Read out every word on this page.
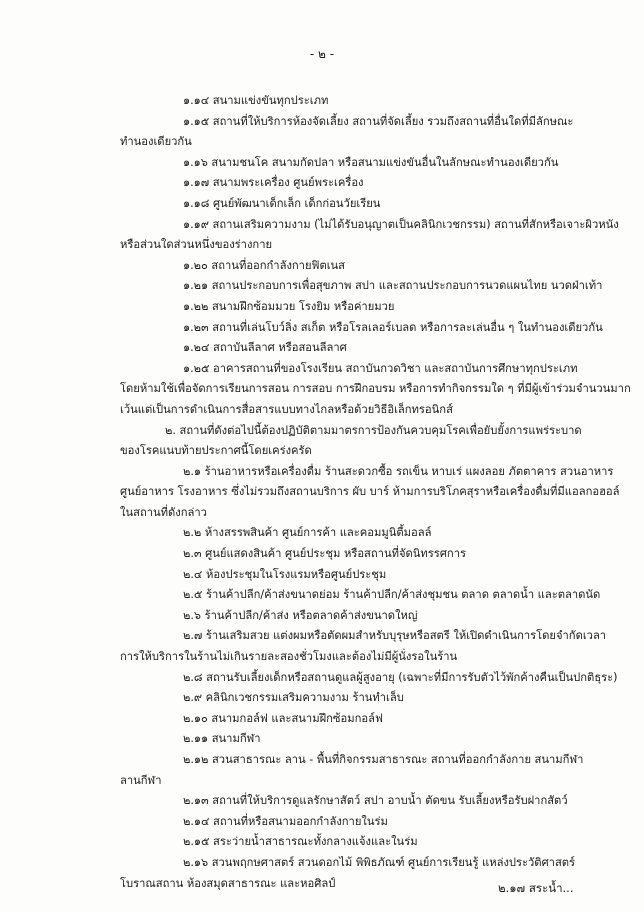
- ๒ -
๑.๑๔ สนามแข่งขันทุกประเภท
๑.๑๕ สถานที่ให้บริการห้องจัดเลี้ยง สถานที่จัดเลี้ยง รวมถึงสถานที่อื่นใดที่มีลักษณะ
ทำนองเดียวกัน
๑.๑๖ สนามชนโค สนามกัดปลา หรือสนามแข่งขันอื่นในลักษณะทำนองเดียวกัน
๑.๑๗ สนามพระเครื่อง ศูนย์พระเครื่อง
๑.๑๘ ศูนย์พัฒนาเด็กเล็ก เด็กก่อนวัยเรียน
๑.๑๙ สถานเสริมความงาม (ไม่ได้รับอนุญาตเป็นคลินิกเวชกรรม) สถานที่สักหรือเจาะผิวหนัง
หรือส่วนใดส่วนหนึ่งของร่างกาย
๑.๒๐ สถานที่ออกกำลังกายฟิตเนส
๑.๒๑ สถานประกอบการเพื่อสุขภาพ สปา และสถานประกอบการนวดแผนไทย นวดฝ่าเท้า
๑.๒๒ สนามฝึกซ้อมมวย โรงยิม หรือค่ายมวย
๑.๒๓ สถานที่เล่นโบว์ลิ่ง สเก็ต หรือโรลเลอร์เบลด หรือการละเล่นอื่น ๆ ในทำนองเดียวกัน
๑.๒๔ สถาบันลีลาศ หรือสอนลีลาศ
๑.๒๕ อาคารสถานที่ของโรงเรียน สถาบันกวดวิชา และสถาบันการศึกษาทุกประเภท
โดยห้ามใช้เพื่อจัดการเรียนการสอน การสอบ การฝึกอบรม หรือการทำกิจกรรมใด ๆ ที่มีผู้เข้าร่วมจำนวนมาก
เว้นแต่เป็นการดำเนินการสื่อสารแบบทางไกลหรือด้วยวิธีอิเล็กทรอนิกส์
๒. สถานที่ดังต่อไปนี้ต้องปฏิบัติตามมาตรการป้องกันควบคุมโรคเพื่อยับยั้งการแพร่ระบาด
ของโรคแนบท้ายประกาศนี้โดยเคร่งครัด
๒.๑ ร้านอาหารหรือเครื่องดื่ม ร้านสะดวกซื้อ รถเข็น หาบเร่ แผงลอย ภัตตาคาร สวนอาหาร
ศูนย์อาหาร โรงอาหาร ซึ่งไม่รวมถึงสถานบริการ ผับ บาร์ ห้ามการบริโภคสุราหรือเครื่องดื่มที่มีแอลกอฮอล์
ในสถานที่ดังกล่าว
๒.๒ ห้างสรรพสินค้า ศูนย์การค้า และคอมมูนิตี้มอลล์
๒.๓ ศูนย์แสดงสินค้า ศูนย์ประชุม หรือสถานที่จัดนิทรรศการ
๒.๔ ห้องประชุมในโรงแรมหรือศูนย์ประชุม
๒.๕ ร้านค้าปลีก/ค้าส่งขนาดย่อม ร้านค้าปลีก/ค้าส่งชุมชน ตลาด ตลาดน้ำ และตลาดนัด
๒.๖ ร้านค้าปลีก/ค้าส่ง หรือตลาดค้าส่งขนาดใหญ่
๒.๗ ร้านเสริมสวย แต่งผมหรือตัดผมสำหรับบุรุษหรือสตรี ให้เปิดดำเนินการโดยจำกัดเวลา
การให้บริการในร้านไม่เกินรายละสองชั่วโมงและต้องไม่มีผู้นั่งรอในร้าน
๒.๘ สถานรับเลี้ยงเด็กหรือสถานดูแลผู้สูงอายุ (เฉพาะที่มีการรับตัวไว้พักค้างคืนเป็นปกติธุระ)
๒.๙ คลินิกเวชกรรมเสริมความงาม ร้านทำเล็บ
๒.๑๐ สนามกอล์ฟ และสนามฝึกซ้อมกอล์ฟ
๒.๑๑ สนามกีฬา
๒.๑๒ สวนสาธารณะ ลาน - พื้นที่กิจกรรมสาธารณะ สถานที่ออกกำลังกาย สนามกีฬา
ลานกีฬา
๒.๑๓ สถานที่ให้บริการดูแลรักษาสัตว์ สปา อาบน้ำ ตัดขน รับเลี้ยงหรือรับฝากสัตว์
๒.๑๔ สถานที่หรือสนามออกกำลังกายในร่ม
๒.๑๕ สระว่ายน้ำสาธารณะทั้งกลางแจ้งและในร่ม
๒.๑๖ สวนพฤกษศาสตร์ สวนดอกไม้ พิพิธภัณฑ์ ศูนย์การเรียนรู้ แหล่งประวัติศาสตร์
โบราณสถาน ห้องสมุดสาธารณะ และหอศิลป์	๒.๑๗ สระน้ำ...
